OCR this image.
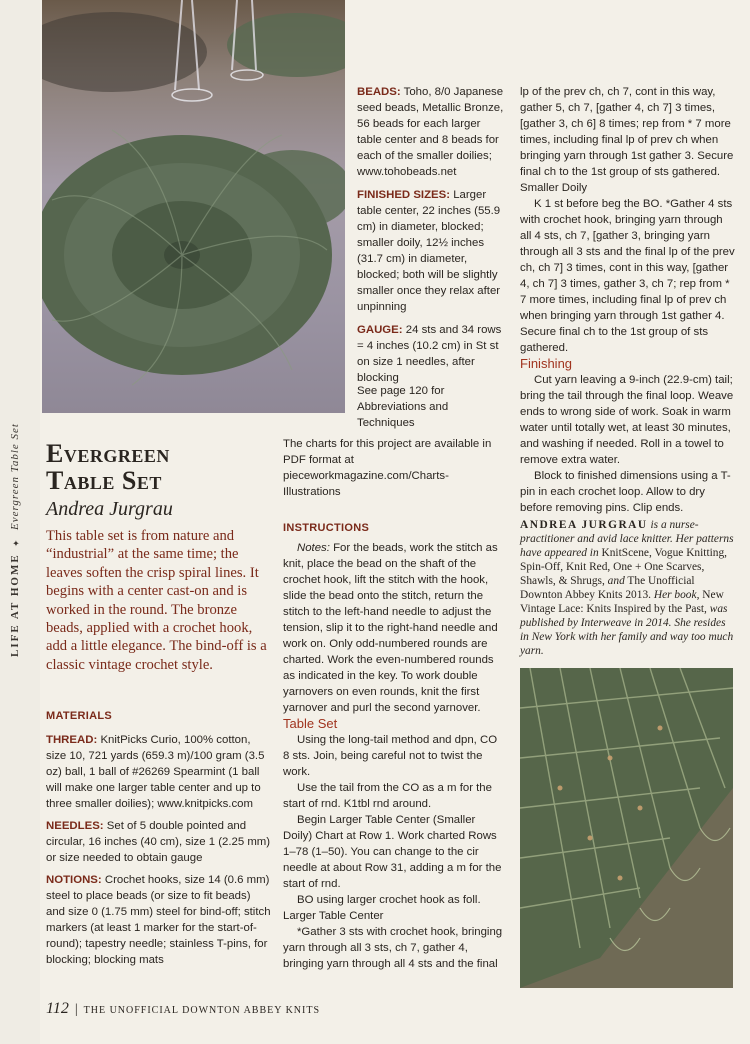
LIFE AT HOME
✦
Evergreen Table Set

BEADS: Toho, 8/0 Japanese seed beads, Metallic Bronze, 56 beads for each larger table center and 8 beads for each of the smaller doilies; www.tohobeads.net

FINISHED SIZES: Larger table center, 22 inches (55.9 cm) in diameter, blocked; smaller doily, 12½ inches (31.7 cm) in diameter, blocked; both will be slightly smaller once they relax after unpinning

GAUGE: 24 sts and 34 rows = 4 inches (10.2 cm) in St st on size 1 needles, after blocking

See page 120 for Abbreviations and Techniques
Evergreen
Table Set
Andrea Jurgrau

This table set is from nature and “industrial” at the same time; the leaves soften the crisp spiral lines. It begins with a center cast-on and is worked in the round. The bronze beads, applied with a crochet hook, add a little elegance. The bind-off is a classic vintage crochet style.

MATERIALS

THREAD: KnitPicks Curio, 100% cotton, size 10, 721 yards (659.3 m)/100 gram (3.5 oz) ball, 1 ball of #26269 Spearmint (1 ball will make one larger table center and up to three smaller doilies); www.knitpicks.com

NEEDLES: Set of 5 double pointed and circular, 16 inches (40 cm), size 1 (2.25 mm) or size needed to obtain gauge

NOTIONS: Crochet hooks, size 14 (0.6 mm) steel to place beads (or size to fit beads) and size 0 (1.75 mm) steel for bind-off; stitch markers (at least 1 marker for the start-of-round); tapestry needle; stainless T-pins, for blocking; blocking mats

The charts for this project are available in PDF format at pieceworkmagazine.com/Charts-Illustrations

INSTRUCTIONS

Notes: For the beads, work the stitch as knit, place the bead on the shaft of the crochet hook, lift the stitch with the hook, slide the bead onto the stitch, return the stitch to the left-hand needle to adjust the tension, slip it to the right-hand needle and work on. Only odd-numbered rounds are charted. Work the even-numbered rounds as indicated in the key. To work double yarnovers on even rounds, knit the first yarnover and purl the second yarnover.

Table Set

Using the long-tail method and dpn, CO 8 sts. Join, being careful not to twist the work.

Use the tail from the CO as a m for the start of rnd. K1tbl rnd around.

Begin Larger Table Center (Smaller Doily) Chart at Row 1. Work charted Rows 1–78 (1–50). You can change to the cir needle at about Row 31, adding a m for the start of rnd.

BO using larger crochet hook as foll.

Larger Table Center

*Gather 3 sts with crochet hook, bringing yarn through all 3 sts, ch 7, gather 4, bringing yarn through all 4 sts and the final

lp of the prev ch, ch 7, cont in this way, gather 5, ch 7, [gather 4, ch 7] 3 times, [gather 3, ch 6] 8 times; rep from * 7 more times, including final lp of prev ch when bringing yarn through 1st gather 3. Secure final ch to the 1st group of sts gathered.

Smaller Doily

K 1 st before beg the BO. *Gather 4 sts with crochet hook, bringing yarn through all 4 sts, ch 7, [gather 3, bringing yarn through all 3 sts and the final lp of the prev ch, ch 7] 3 times, cont in this way, [gather 4, ch 7] 3 times, gather 3, ch 7; rep from * 7 more times, including final lp of prev ch when bringing yarn through 1st gather 4. Secure final ch to the 1st group of sts gathered.

Finishing

Cut yarn leaving a 9-inch (22.9-cm) tail; bring the tail through the final loop. Weave ends to wrong side of work. Soak in warm water until totally wet, at least 30 minutes, and washing if needed. Roll in a towel to remove extra water.

Block to finished dimensions using a T-pin in each crochet loop. Allow to dry before removing pins. Clip ends.

ANDREA JURGRAU is a nurse-practitioner and avid lace knitter. Her patterns have appeared in KnitScene, Vogue Knitting, Spin-Off, Knit Red, One + One Scarves, Shawls, & Shrugs, and The Unofficial Downton Abbey Knits 2013. Her book, New Vintage Lace: Knits Inspired by the Past, was published by Interweave in 2014. She resides in New York with her family and way too much yarn.
112 | THE UNOFFICIAL DOWNTON ABBEY KNITS
